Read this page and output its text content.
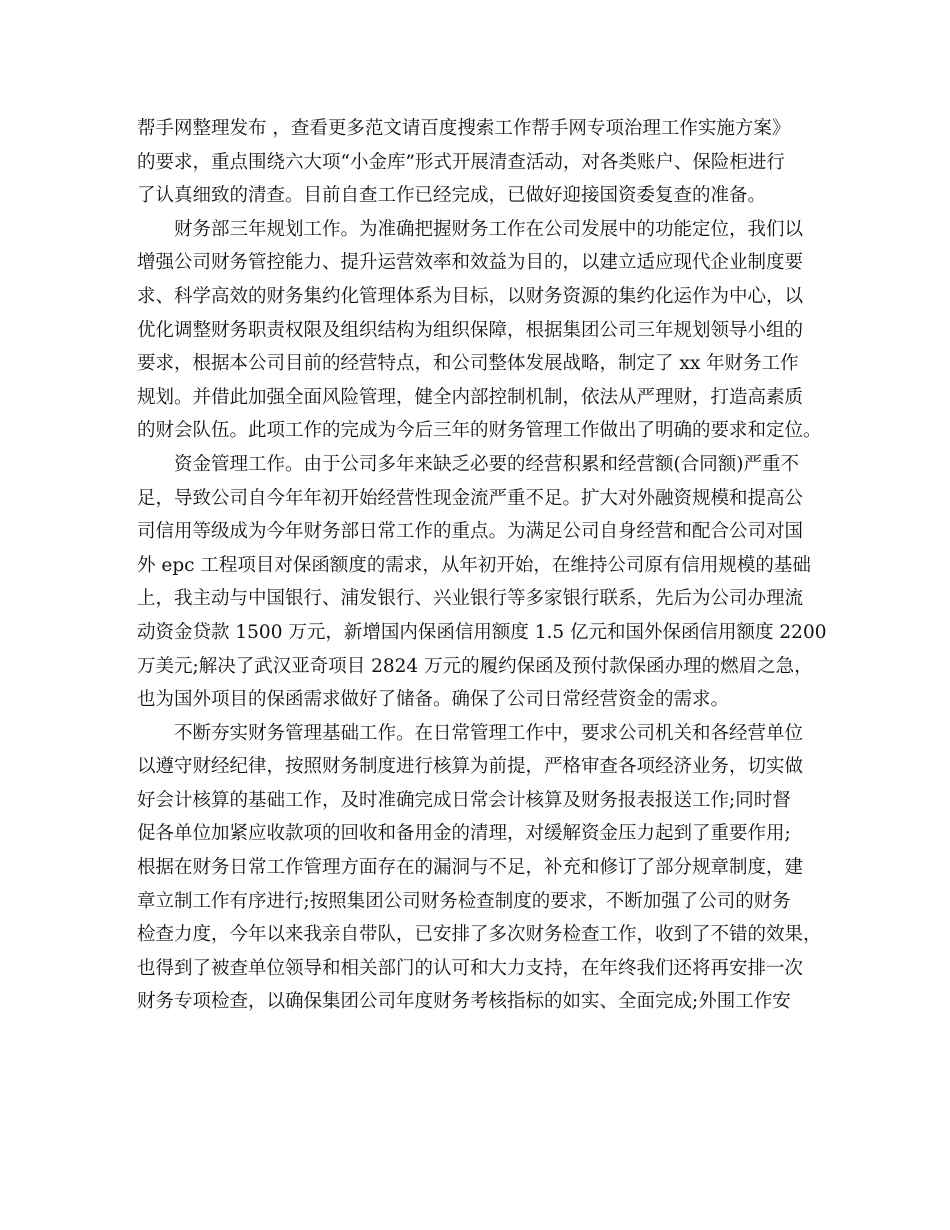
帮手网整理发布 ，查看更多范文请百度搜索工作帮手网专项治理工作实施方案》
的要求，重点围绕六大项“小金库”形式开展清查活动，对各类账户、保险柜进行
了认真细致的清查。目前自查工作已经完成，已做好迎接国资委复查的准备。
　　财务部三年规划工作。为准确把握财务工作在公司发展中的功能定位，我们以
增强公司财务管控能力、提升运营效率和效益为目的，以建立适应现代企业制度要
求、科学高效的财务集约化管理体系为目标，以财务资源的集约化运作为中心，以
优化调整财务职责权限及组织结构为组织保障，根据集团公司三年规划领导小组的
要求，根据本公司目前的经营特点，和公司整体发展战略，制定了 xx 年财务工作
规划。并借此加强全面风险管理，健全内部控制机制，依法从严理财，打造高素质
的财会队伍。此项工作的完成为今后三年的财务管理工作做出了明确的要求和定位。
　　资金管理工作。由于公司多年来缺乏必要的经营积累和经营额(合同额)严重不
足，导致公司自今年年初开始经营性现金流严重不足。扩大对外融资规模和提高公
司信用等级成为今年财务部日常工作的重点。为满足公司自身经营和配合公司对国
外 epc 工程项目对保函额度的需求，从年初开始，在维持公司原有信用规模的基础
上，我主动与中国银行、浦发银行、兴业银行等多家银行联系，先后为公司办理流
动资金贷款 1500 万元，新增国内保函信用额度 1.5 亿元和国外保函信用额度 2200
万美元;解决了武汉亚奇项目 2824 万元的履约保函及预付款保函办理的燃眉之急，
也为国外项目的保函需求做好了储备。确保了公司日常经营资金的需求。
　　不断夯实财务管理基础工作。在日常管理工作中，要求公司机关和各经营单位
以遵守财经纪律，按照财务制度进行核算为前提，严格审查各项经济业务，切实做
好会计核算的基础工作，及时准确完成日常会计核算及财务报表报送工作;同时督
促各单位加紧应收款项的回收和备用金的清理，对缓解资金压力起到了重要作用;
根据在财务日常工作管理方面存在的漏洞与不足，补充和修订了部分规章制度，建
章立制工作有序进行;按照集团公司财务检查制度的要求，不断加强了公司的财务
检查力度，今年以来我亲自带队，已安排了多次财务检查工作，收到了不错的效果，
也得到了被查单位领导和相关部门的认可和大力支持，在年终我们还将再安排一次
财务专项检查，以确保集团公司年度财务考核指标的如实、全面完成;外围工作安
